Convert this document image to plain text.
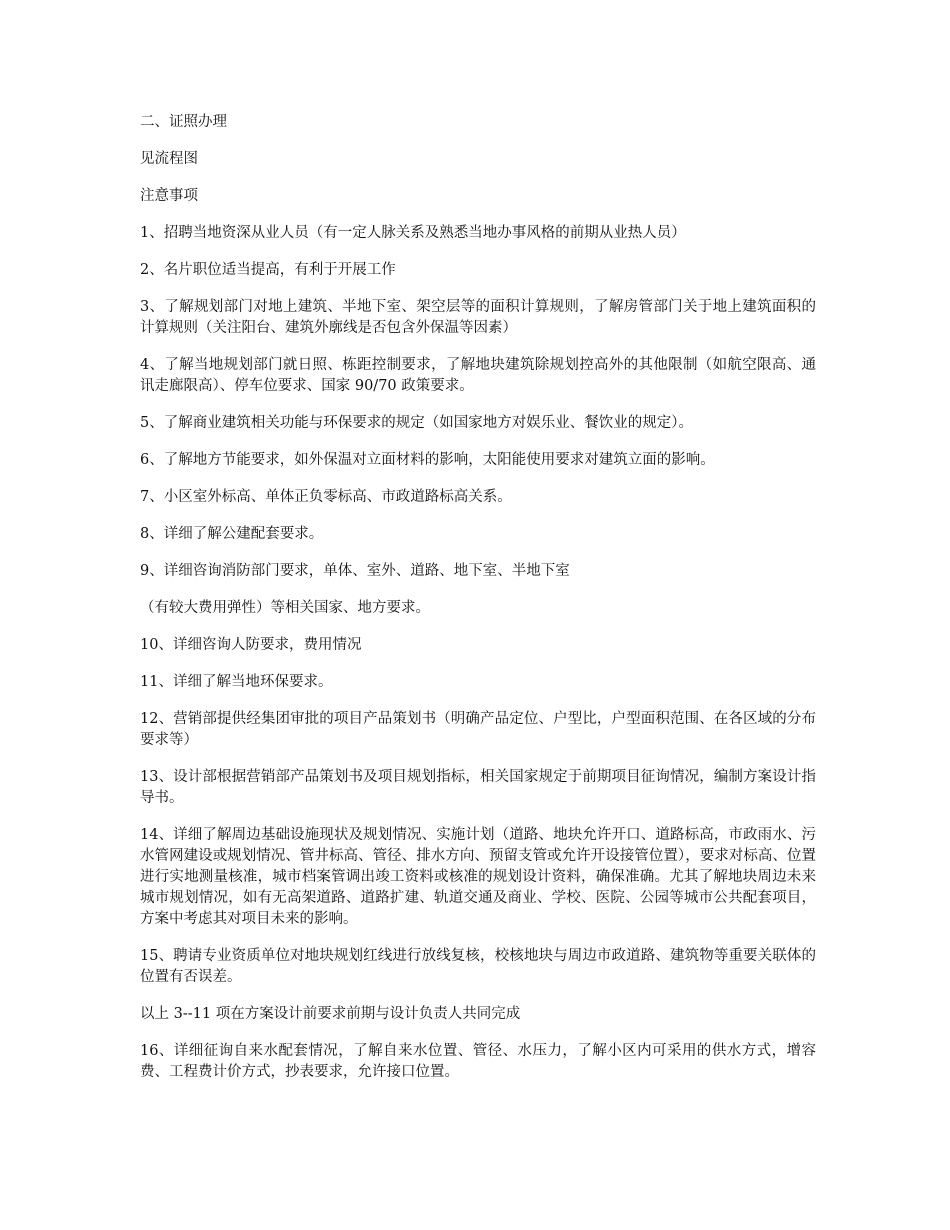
二、证照办理

见流程图

注意事项

1、招聘当地资深从业人员（有一定人脉关系及熟悉当地办事风格的前期从业热人员）

2、名片职位适当提高，有利于开展工作

3、了解规划部门对地上建筑、半地下室、架空层等的面积计算规则，了解房管部门关于地上建筑面积的计算规则（关注阳台、建筑外廓线是否包含外保温等因素）

4、了解当地规划部门就日照、栋距控制要求，了解地块建筑除规划控高外的其他限制（如航空限高、通讯走廊限高）、停车位要求、国家 90/70 政策要求。

5、了解商业建筑相关功能与环保要求的规定（如国家地方对娱乐业、餐饮业的规定）。

6、了解地方节能要求，如外保温对立面材料的影响，太阳能使用要求对建筑立面的影响。

7、小区室外标高、单体正负零标高、市政道路标高关系。

8、详细了解公建配套要求。

9、详细咨询消防部门要求，单体、室外、道路、地下室、半地下室

（有较大费用弹性）等相关国家、地方要求。

10、详细咨询人防要求，费用情况

11、详细了解当地环保要求。

12、营销部提供经集团审批的项目产品策划书（明确产品定位、户型比，户型面积范围、在各区域的分布要求等）

13、设计部根据营销部产品策划书及项目规划指标，相关国家规定于前期项目征询情况，编制方案设计指导书。

14、详细了解周边基础设施现状及规划情况、实施计划（道路、地块允许开口、道路标高，市政雨水、污水管网建设或规划情况、管井标高、管径、排水方向、预留支管或允许开设接管位置），要求对标高、位置进行实地测量核准，城市档案管调出竣工资料或核准的规划设计资料，确保准确。尤其了解地块周边未来城市规划情况，如有无高架道路、道路扩建、轨道交通及商业、学校、医院、公园等城市公共配套项目，方案中考虑其对项目未来的影响。

15、聘请专业资质单位对地块规划红线进行放线复核，校核地块与周边市政道路、建筑物等重要关联体的位置有否误差。

以上 3--11 项在方案设计前要求前期与设计负责人共同完成

16、详细征询自来水配套情况，了解自来水位置、管径、水压力，了解小区内可采用的供水方式，增容费、工程费计价方式，抄表要求，允许接口位置。
